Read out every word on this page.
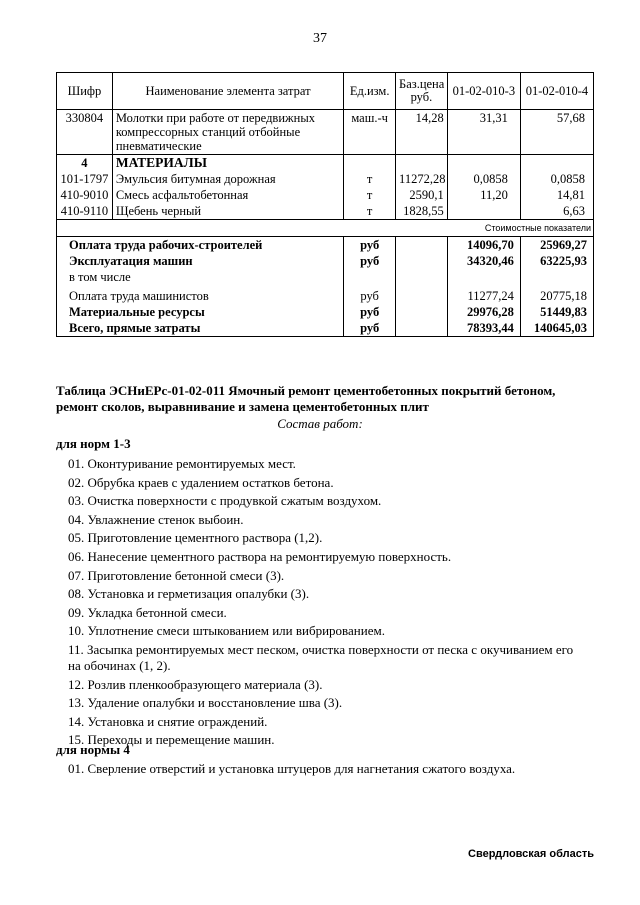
37
Шифр	Наименование элемента затрат	Ед.изм.	Баз.цена руб.	01-02-010-3	01-02-010-4
330804	Молотки при работе от передвижных компрессорных станций отбойные пневматические	маш.-ч	14,28	31,31	57,68
4	МАТЕРИАЛЫ				
101-1797	Эмульсия битумная дорожная	т	11272,28	0,0858	0,0858
410-9010	Смесь асфальтобетонная	т	2590,1	11,20	14,81
410-9110	Щебень черный	т	1828,55		6,63
				Стоимостные показатели	
Оплата труда рабочих-строителей		руб		14096,70	25969,27
Эксплуатация машин		руб		34320,46	63225,93
в том числе					
Оплата труда машинистов		руб		11277,24	20775,18
Материальные ресурсы		руб		29976,28	51449,83
Всего, прямые затраты		руб		78393,44	140645,03
Таблица ЭСНиЕРс-01-02-011 Ямочный ремонт цементобетонных покрытий бетоном, ремонт сколов, выравнивание и замена цементобетонных плит
Состав работ:
для норм 1-3
01. Оконтуривание ремонтируемых мест.
02. Обрубка краев с удалением остатков бетона.
03. Очистка поверхности с продувкой сжатым воздухом.
04. Увлажнение стенок выбоин.
05. Приготовление цементного раствора (1,2).
06. Нанесение цементного раствора на ремонтируемую поверхность.
07. Приготовление бетонной смеси (3).
08. Установка и герметизация опалубки (3).
09. Укладка бетонной смеси.
10. Уплотнение смеси штыкованием или вибрированием.
11. Засыпка ремонтируемых мест песком, очистка поверхности от песка с окучиванием его на обочинах (1, 2).
12. Розлив пленкообразующего материала (3).
13. Удаление опалубки и восстановление шва (3).
14. Установка и снятие ограждений.
15. Переходы и перемещение машин.
для нормы 4
01. Сверление отверстий и установка штуцеров для нагнетания сжатого воздуха.
Свердловская область
